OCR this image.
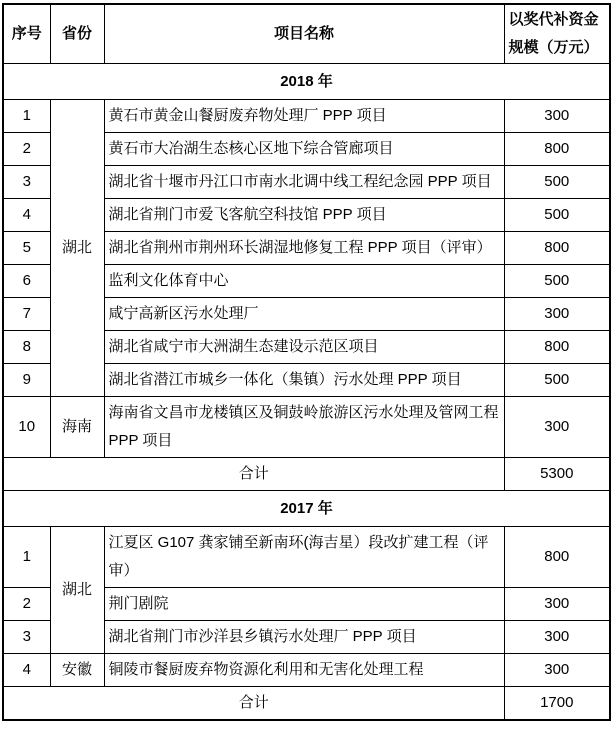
序号	省份	项目名称	以奖代补资金规模（万元）
2018 年			
1	湖北	黄石市黄金山餐厨废弃物处理厂 PPP 项目	300
2		黄石市大冶湖生态核心区地下综合管廊项目	800
3		湖北省十堰市丹江口市南水北调中线工程纪念园 PPP 项目	500
4		湖北省荆门市爱飞客航空科技馆 PPP 项目	500
5		湖北省荆州市荆州环长湖湿地修复工程 PPP 项目（评审）	800
6		监利文化体育中心	500
7		咸宁高新区污水处理厂	300
8		湖北省咸宁市大洲湖生态建设示范区项目	800
9		湖北省潜江市城乡一体化（集镇）污水处理 PPP 项目	500
10	海南	海南省文昌市龙楼镇区及铜鼓岭旅游区污水处理及管网工程 PPP 项目	300
合计			5300
2017 年			
1	湖北	江夏区 G107 龚家铺至新南环(海吉星）段改扩建工程（评审）	800
2		荆门剧院	300
3		湖北省荆门市沙洋县乡镇污水处理厂 PPP 项目	300
4	安徽	铜陵市餐厨废弃物资源化利用和无害化处理工程	300
合计			1700
